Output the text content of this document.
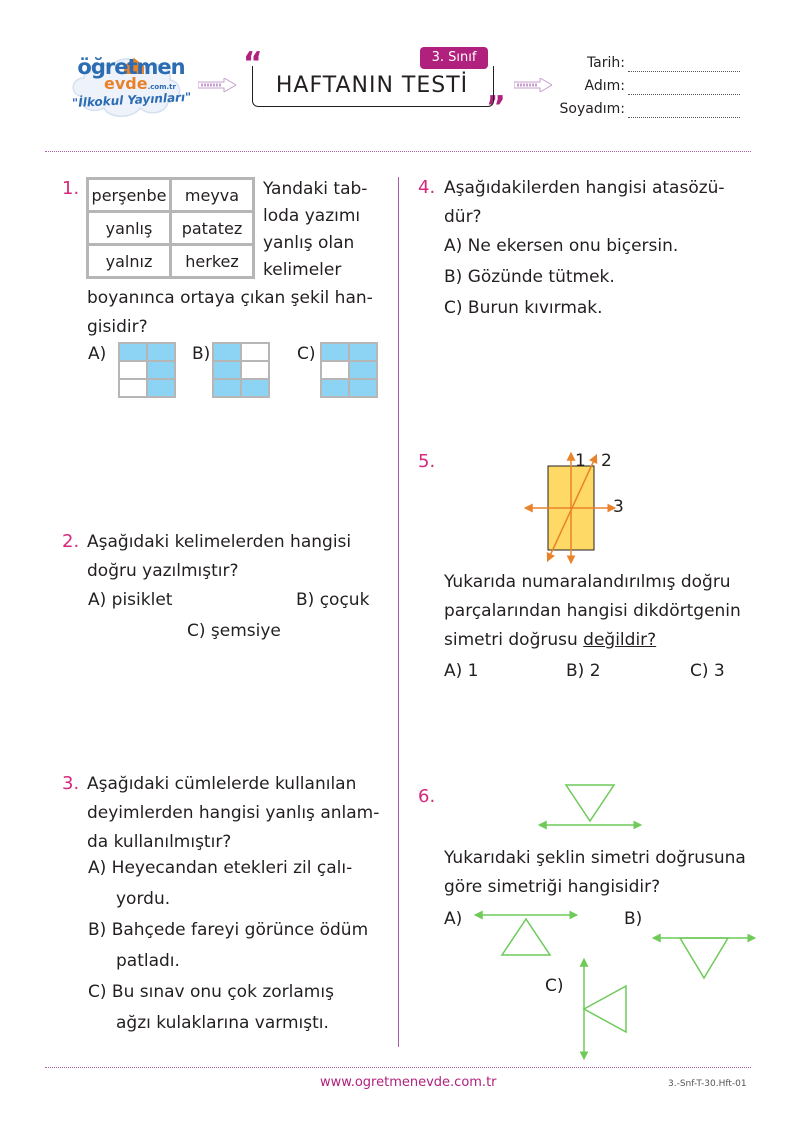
öğretmen
evde.com.tr
"İlkokul Yayınları"
“
”
3. Sınıf
HAFTANIN TESTİ
Tarih:
Adım:
Soyadım:
1. perşenbe	meyva
yanlış	patatez
yalnız	herkez
Yandaki tab-
loda yazımı
yanlış olan
kelimeler
boyanınca ortaya çıkan şekil han-
gisidir?
A)	B)	C)
2. Aşağıdaki kelimelerden hangisi
doğru yazılmıştır?
A) pisiklet	B) çoçuk
C) şemsiye
3. Aşağıdaki cümlelerde kullanılan
deyimlerden hangisi yanlış anlam-
da kullanılmıştır?
A) Heyecandan etekleri zil çalı-
yordu.
B) Bahçede fareyi görünce ödüm
patladı.
C) Bu sınav onu çok zorlamış
ağzı kulaklarına varmıştı.
4. Aşağıdakilerden hangisi atasözü-
dür?
A) Ne ekersen onu biçersin.
B) Gözünde tütmek.
C) Burun kıvırmak.
5.	1 2
3
Yukarıda numaralandırılmış doğru
parçalarından hangisi dikdörtgenin
simetri doğrusu değildir?
A) 1	B) 2	C) 3
6.
Yukarıdaki şeklin simetri doğrusuna
göre simetriği hangisidir?
A)	B)
C)
www.ogretmenevde.com.tr	3.-Snf-T-30.Hft-01
